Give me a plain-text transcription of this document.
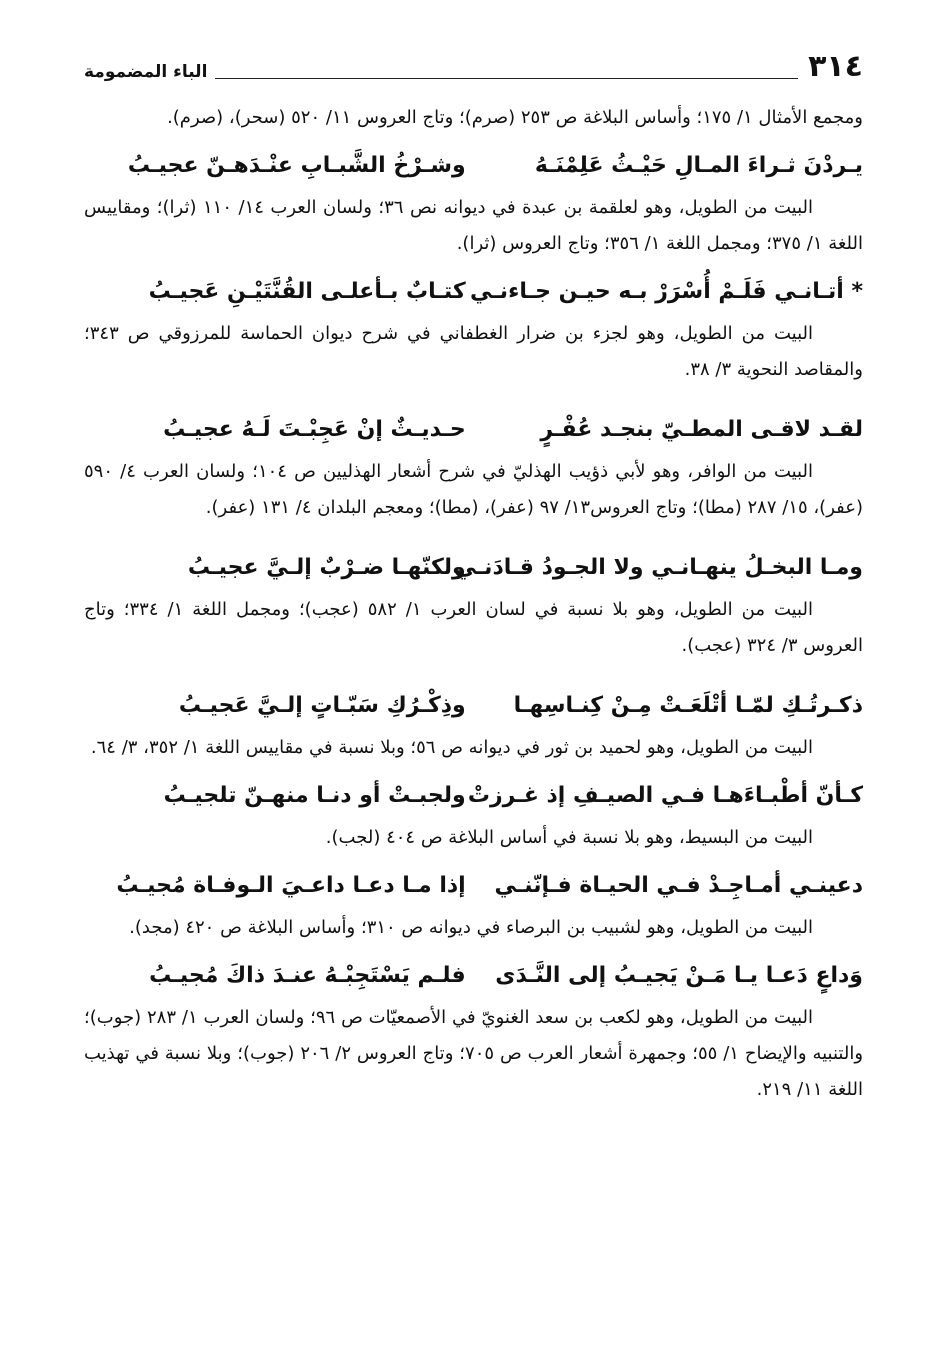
٣١٤
الباء المضمومة

ومجمع الأمثال ١/ ١٧٥؛ وأساس البلاغة ص ٢٥٣ (صرم)؛ وتاج العروس ١١/ ٥٢٠ (سحر)، (صرم).

يـردْنَ ثـراءَ المـالِ حَيْـثُ عَلِمْنَـهُ
وشـرْخُ الشَّبـابِ عنْـدَهـنّ عجيـبُ

البيت من الطويل، وهو لعلقمة بن عبدة في ديوانه نص ٣٦؛ ولسان العرب ١٤/ ١١٠ (ثرا)؛ ومقاييس اللغة ١/ ٣٧٥؛ ومجمل اللغة ١/ ٣٥٦؛ وتاج العروس (ثرا).

* أتـانـي فَلَـمْ أُسْرَرْ بـه حيـن جـاءنـي
كتـابٌ بـأعلـى القُنَّتَيْـنِ عَجيـبُ

البيت من الطويل، وهو لجزء بن ضرار الغطفاني في شرح ديوان الحماسة للمرزوقي ص ٣٤٣؛ والمقاصد النحوية ٣/ ٣٨.

لقـد لاقـى المطـيّ بنجـد عُفْـرٍ
حـديـثٌ إنْ عَجِبْـتَ لَـهُ عجيـبُ

البيت من الوافر، وهو لأبي ذؤيب الهذليّ في شرح أشعار الهذليين ص ١٠٤؛ ولسان العرب ٤/ ٥٩٠ (عفر)، ١٥/ ٢٨٧ (مطا)؛ وتاج العروس١٣/ ٩٧ (عفر)، (مطا)؛ ومعجم البلدان ٤/ ١٣١ (عفر).

ومـا البخـلُ ينهـانـي ولا الجـودُ قـادَنـي
ولكنّهـا ضـرْبٌ إلـيَّ عجيـبُ

البيت من الطويل، وهو بلا نسبة في لسان العرب ١/ ٥٨٢ (عجب)؛ ومجمل اللغة ١/ ٣٣٤؛ وتاج العروس ٣/ ٣٢٤ (عجب).

ذكـرتُـكِ لمّـا أتْلَعَـتْ مِـنْ كِنـاسِهـا
وذِكْـرُكِ سَبّـاتٍ إلـيَّ عَجيـبُ

البيت من الطويل، وهو لحميد بن ثور في ديوانه ص ٥٦؛ وبلا نسبة في مقاييس اللغة ١/ ٣٥٢، ٣/ ٦٤.

كـأنّ أطْبـاءَهـا فـي الصيـفِ إذ غـرزتْ
ولجبـتْ أو دنـا منهـنّ تلجيـبُ

البيت من البسيط، وهو بلا نسبة في أساس البلاغة ص ٤٠٤ (لجب).

دعينـي أمـاجِـدْ فـي الحيـاة فـإنّنـي
إذا مـا دعـا داعـيَ الـوفـاة مُجيـبُ

البيت من الطويل، وهو لشبيب بن البرصاء في ديوانه ص ٣١٠؛ وأساس البلاغة ص ٤٢٠ (مجد).

وَداعٍ دَعـا يـا مَـنْ يَجيـبُ إلى النَّـدَى
فلـم يَسْتَجِبْـهُ عنـدَ ذاكَ مُجيـبُ

البيت من الطويل، وهو لكعب بن سعد الغنويّ في الأصمعيّات ص ٩٦؛ ولسان العرب ١/ ٢٨٣ (جوب)؛ والتنبيه والإيضاح ١/ ٥٥؛ وجمهرة أشعار العرب ص ٧٠٥؛ وتاج العروس ٢/ ٢٠٦ (جوب)؛ وبلا نسبة في تهذيب اللغة ١١/ ٢١٩.
